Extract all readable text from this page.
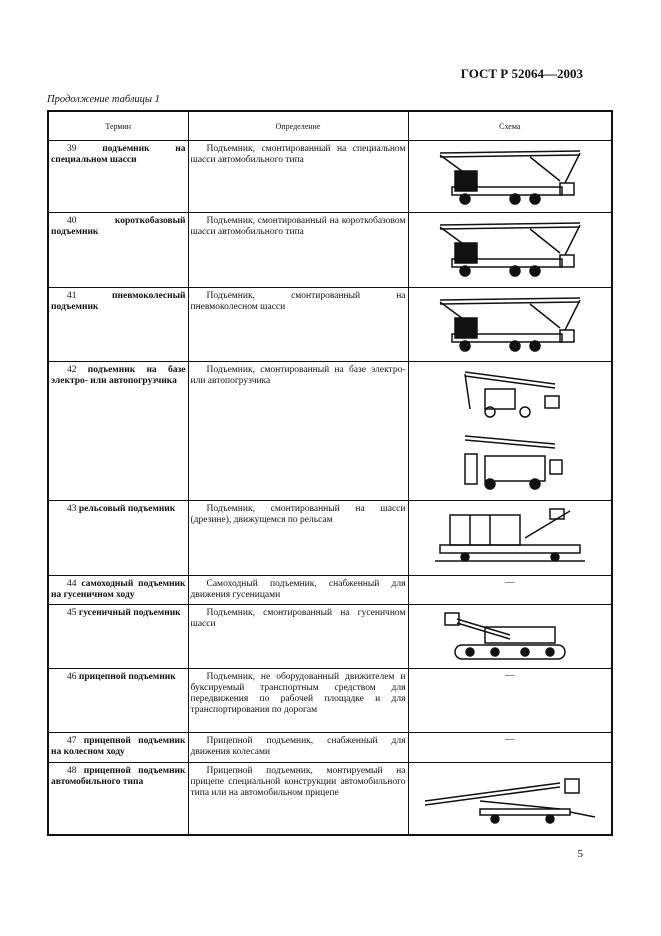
ГОСТ Р 52064—2003
Продолжение таблицы 1
Термин	Определение	Схема
39 подъемник на специальном шасси	Подъемник, смонтированный на специальном шасси автомобильного типа	

40 короткобазовый подъемник	Подъемник, смонтированный на короткобазовом шасси автомобильного типа	

41 пневмоколесный подъемник	Подъемник, смонтированный на пневмоколесном шасси	

42 подъемник на базе электро- или автопогрузчика	Подъемник, смонтированный на базе электро- или автопогрузчика	

43 рельсовый подъемник	Подъемник, смонтированный на шасси (дрезине), движущемся по рельсам	

44 самоходный подъемник на гусеничном ходу	Самоходный подъемник, снабженный для движения гусеницами	—
45 гусеничный подъемник	Подъемник, смонтированный на гусеничном шасси	

46 прицепной подъемник	Подъемник, не оборудованный движителем и буксируемый транспортным средством для передвижения по рабочей площадке и для транспортирования по дорогам	—
47 прицепной подъемник на колесном ходу	Прицепной подъемник, снабженный для движения колесами	—
48 прицепной подъемник автомобильного типа	Прицепной подъемник, монтируемый на прицепе специальной конструкции автомобильного типа или на автомобильном прицепе	
5
